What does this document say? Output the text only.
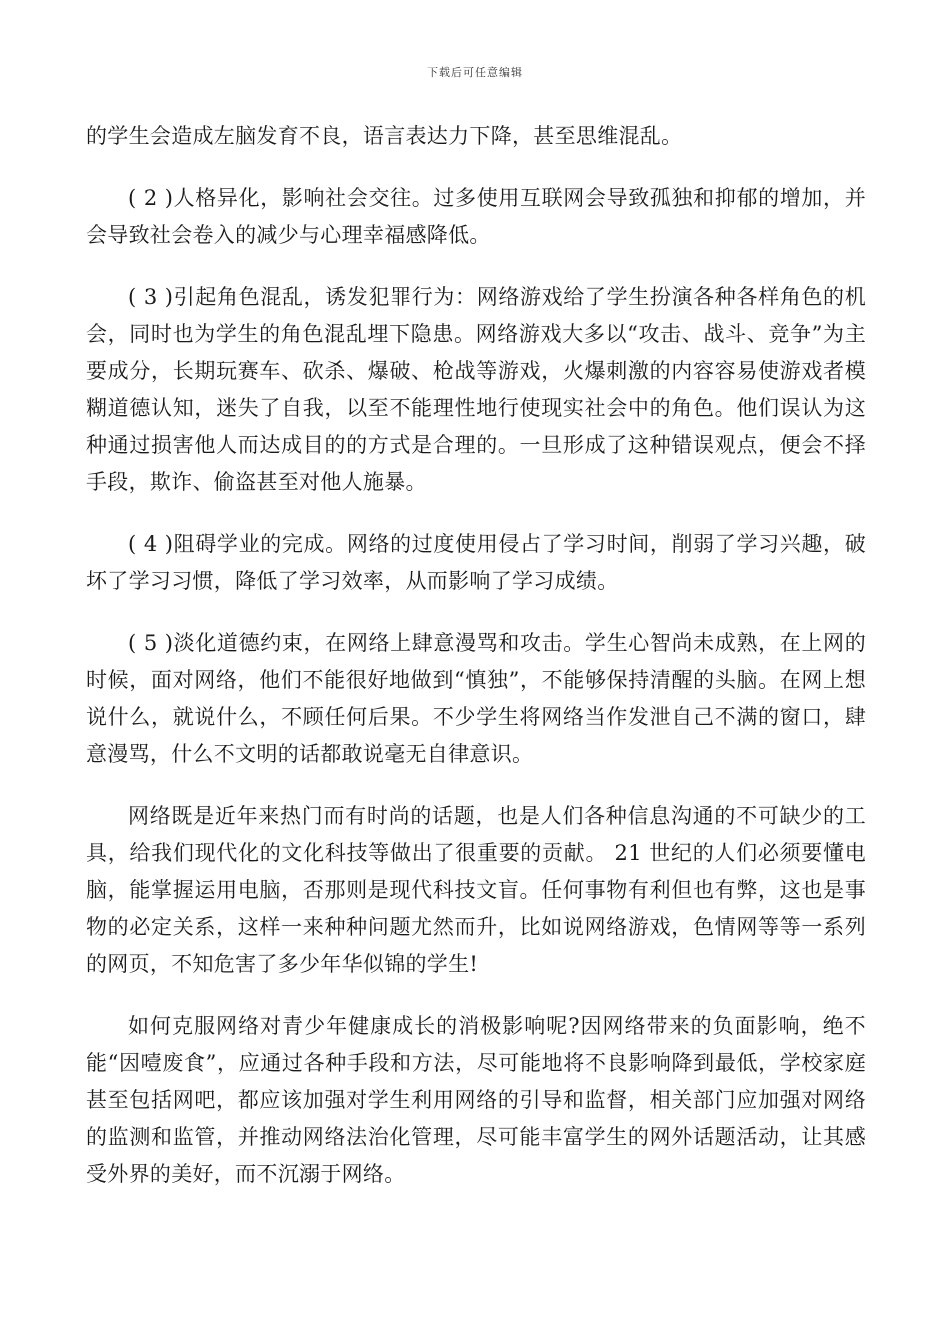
下载后可任意编辑

的学生会造成左脑发育不良，语言表达力下降，甚至思维混乱。

( 2 )人格异化，影响社会交往。过多使用互联网会导致孤独和抑郁的增加，并会导致社会卷入的减少与心理幸福感降低。

( 3 )引起角色混乱，诱发犯罪行为：网络游戏给了学生扮演各种各样角色的机会，同时也为学生的角色混乱埋下隐患。网络游戏大多以“攻击、战斗、竞争”为主要成分，长期玩赛车、砍杀、爆破、枪战等游戏，火爆刺激的内容容易使游戏者模糊道德认知，迷失了自我，以至不能理性地行使现实社会中的角色。他们误认为这种通过损害他人而达成目的的方式是合理的。一旦形成了这种错误观点，便会不择手段，欺诈、偷盗甚至对他人施暴。

( 4 )阻碍学业的完成。网络的过度使用侵占了学习时间，削弱了学习兴趣，破坏了学习习惯，降低了学习效率，从而影响了学习成绩。

( 5 )淡化道德约束，在网络上肆意漫骂和攻击。学生心智尚未成熟，在上网的时候，面对网络，他们不能很好地做到“慎独”，不能够保持清醒的头脑。在网上想说什么，就说什么，不顾任何后果。不少学生将网络当作发泄自己不满的窗口，肆意漫骂，什么不文明的话都敢说毫无自律意识。

网络既是近年来热门而有时尚的话题，也是人们各种信息沟通的不可缺少的工具，给我们现代化的文化科技等做出了很重要的贡献。 21 世纪的人们必须要懂电脑，能掌握运用电脑，否那则是现代科技文盲。任何事物有利但也有弊，这也是事物的必定关系，这样一来种种问题尤然而升，比如说网络游戏，色情网等等一系列的网页，不知危害了多少年华似锦的学生!

如何克服网络对青少年健康成长的消极影响呢?因网络带来的负面影响，绝不能“因噎废食”，应通过各种手段和方法，尽可能地将不良影响降到最低，学校家庭甚至包括网吧，都应该加强对学生利用网络的引导和监督，相关部门应加强对网络的监测和监管，并推动网络法治化管理，尽可能丰富学生的网外话题活动，让其感受外界的美好，而不沉溺于网络。
